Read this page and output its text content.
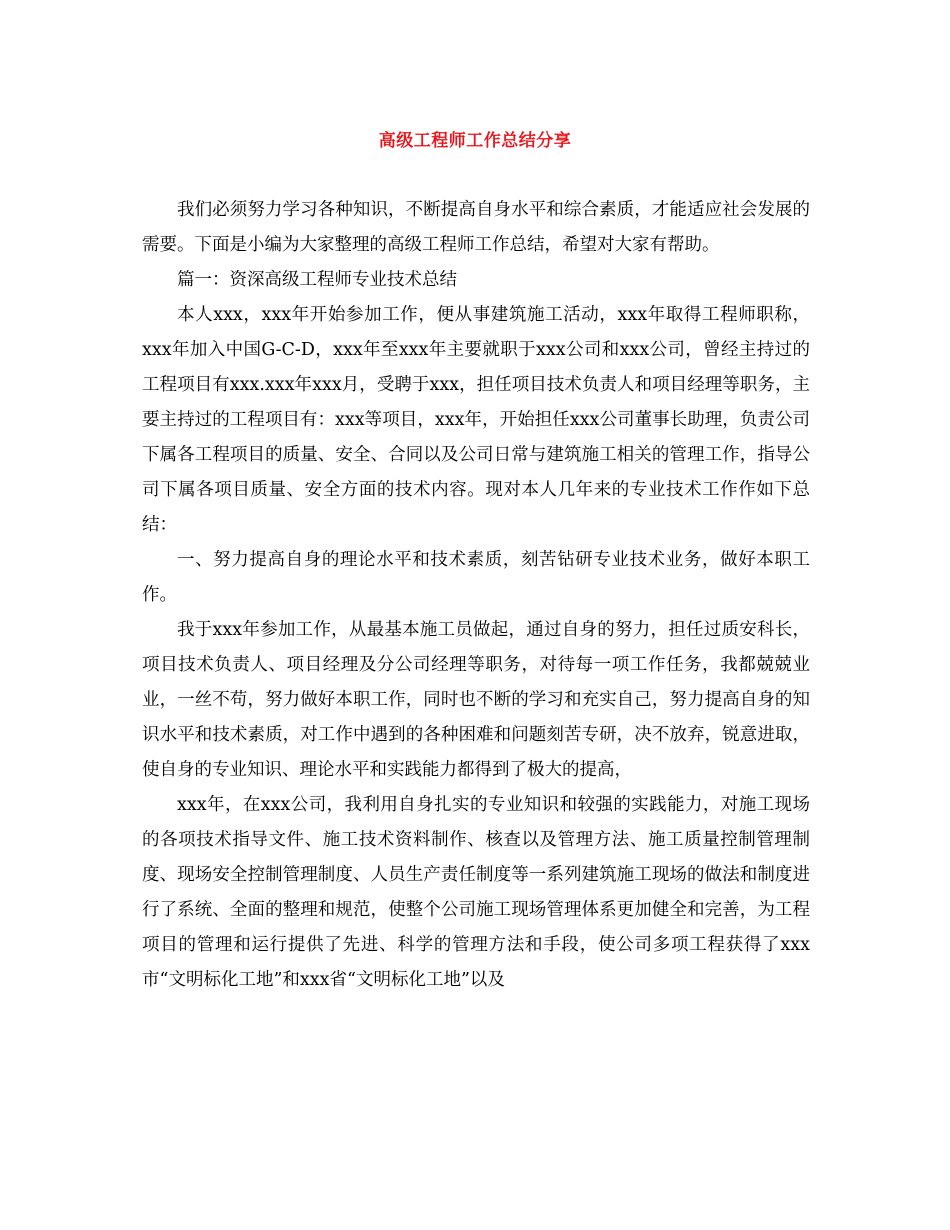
高级工程师工作总结分享

我们必须努力学习各种知识，不断提高自身水平和综合素质，才能适应社会发展的需要。下面是小编为大家整理的高级工程师工作总结，希望对大家有帮助。

篇一：资深高级工程师专业技术总结

本人xxx，xxx年开始参加工作，便从事建筑施工活动，xxx年取得工程师职称，xxx年加入中国G-C-D，xxx年至xxx年主要就职于xxx公司和xxx公司，曾经主持过的工程项目有xxx.xxx年xxx月，受聘于xxx，担任项目技术负责人和项目经理等职务，主要主持过的工程项目有：xxx等项目，xxx年，开始担任xxx公司董事长助理，负责公司下属各工程项目的质量、安全、合同以及公司日常与建筑施工相关的管理工作，指导公司下属各项目质量、安全方面的技术内容。现对本人几年来的专业技术工作作如下总结：

一、努力提高自身的理论水平和技术素质，刻苦钻研专业技术业务，做好本职工作。

我于xxx年参加工作，从最基本施工员做起，通过自身的努力，担任过质安科长，项目技术负责人、项目经理及分公司经理等职务，对待每一项工作任务，我都兢兢业业，一丝不苟，努力做好本职工作，同时也不断的学习和充实自己，努力提高自身的知识水平和技术素质，对工作中遇到的各种困难和问题刻苦专研，决不放弃，锐意进取，使自身的专业知识、理论水平和实践能力都得到了极大的提高，

xxx年，在xxx公司，我利用自身扎实的专业知识和较强的实践能力，对施工现场的各项技术指导文件、施工技术资料制作、核查以及管理方法、施工质量控制管理制度、现场安全控制管理制度、人员生产责任制度等一系列建筑施工现场的做法和制度进行了系统、全面的整理和规范，使整个公司施工现场管理体系更加健全和完善，为工程项目的管理和运行提供了先进、科学的管理方法和手段，使公司多项工程获得了xxx市“文明标化工地”和xxx省“文明标化工地”以及
